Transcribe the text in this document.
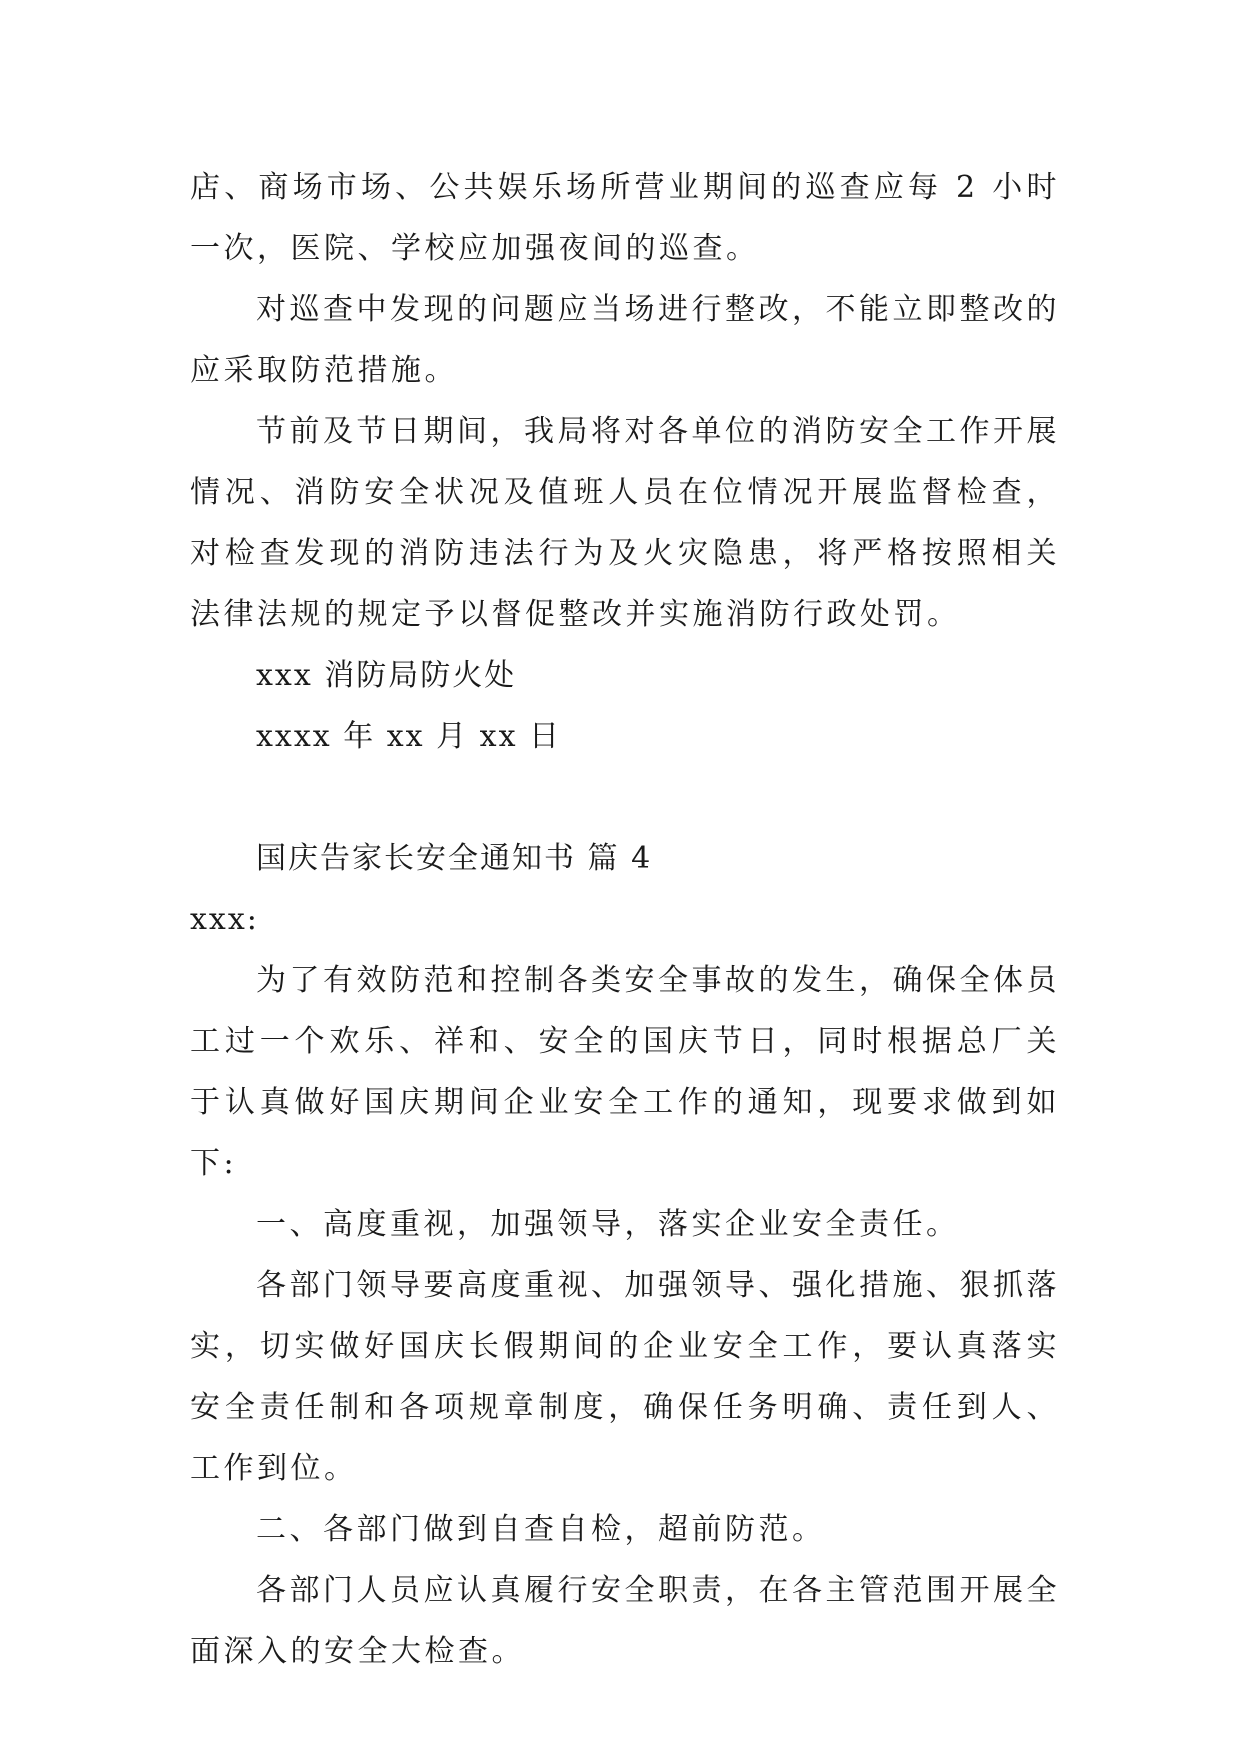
店、商场市场、公共娱乐场所营业期间的巡查应每 2 小时一次，医院、学校应加强夜间的巡查。

对巡查中发现的问题应当场进行整改，不能立即整改的应采取防范措施。

节前及节日期间，我局将对各单位的消防安全工作开展情况、消防安全状况及值班人员在位情况开展监督检查，对检查发现的消防违法行为及火灾隐患，将严格按照相关法律法规的规定予以督促整改并实施消防行政处罚。

xxx 消防局防火处

xxxx 年 xx 月 xx 日

国庆告家长安全通知书 篇 4

xxx:

为了有效防范和控制各类安全事故的发生，确保全体员工过一个欢乐、祥和、安全的国庆节日，同时根据总厂关于认真做好国庆期间企业安全工作的通知，现要求做到如下:

一、高度重视，加强领导，落实企业安全责任。

各部门领导要高度重视、加强领导、强化措施、狠抓落实，切实做好国庆长假期间的企业安全工作，要认真落实安全责任制和各项规章制度，确保任务明确、责任到人、工作到位。

二、各部门做到自查自检，超前防范。

各部门人员应认真履行安全职责，在各主管范围开展全面深入的安全大检查。
